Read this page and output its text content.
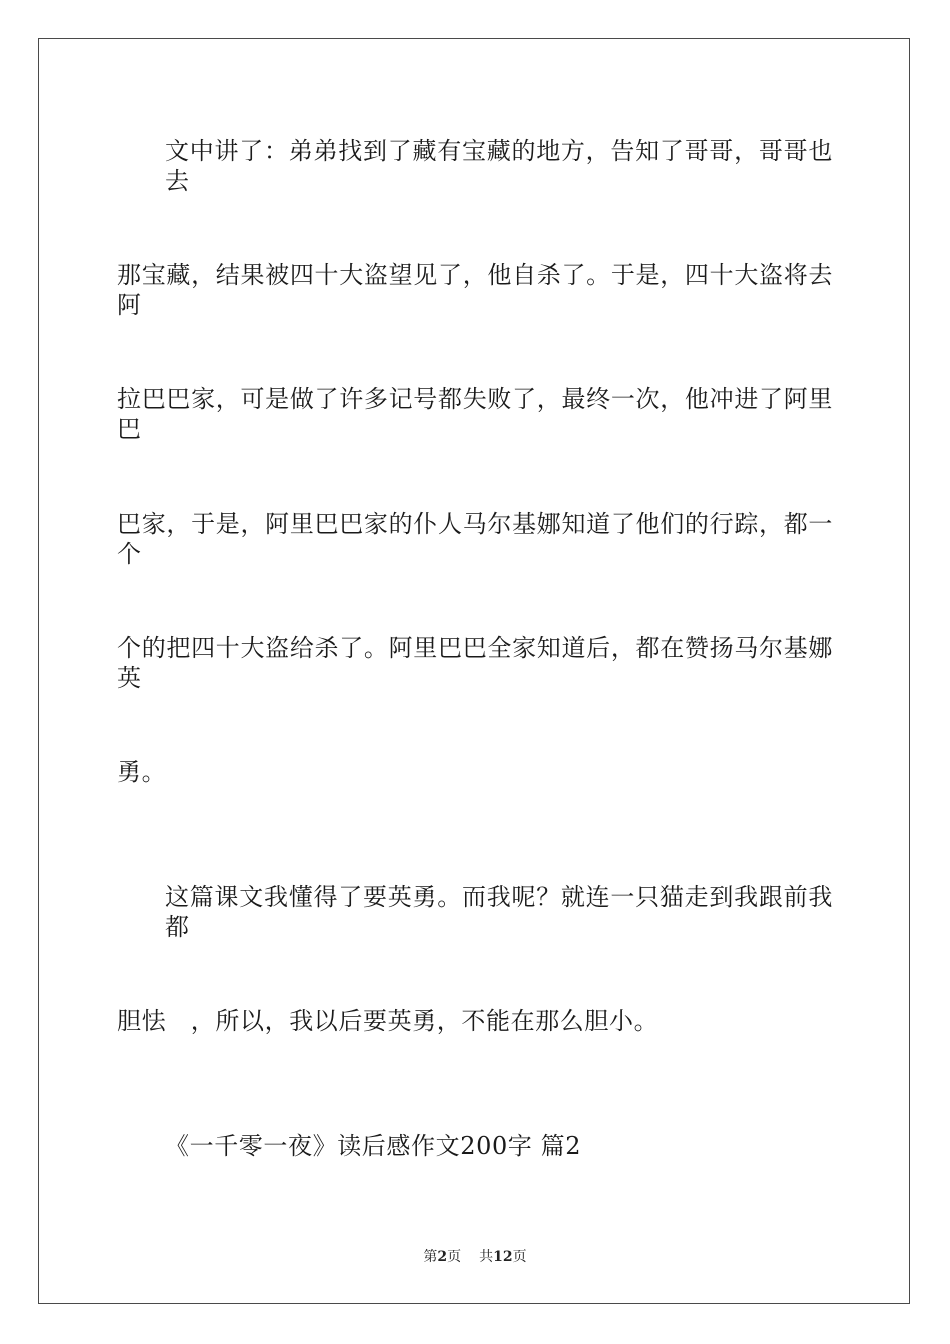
文中讲了：弟弟找到了藏有宝藏的地方，告知了哥哥，哥哥也去
那宝藏，结果被四十大盗望见了，他自杀了。于是，四十大盗将去阿
拉巴巴家，可是做了许多记号都失败了，最终一次，他冲进了阿里巴
巴家，于是，阿里巴巴家的仆人马尔基娜知道了他们的行踪，都一个
个的把四十大盗给杀了。阿里巴巴全家知道后，都在赞扬马尔基娜英
勇。
这篇课文我懂得了要英勇。而我呢？就连一只猫走到我跟前我都
胆怯　，所以，我以后要英勇，不能在那么胆小。
《一千零一夜》读后感作文200字 篇2
第2页 共12页
